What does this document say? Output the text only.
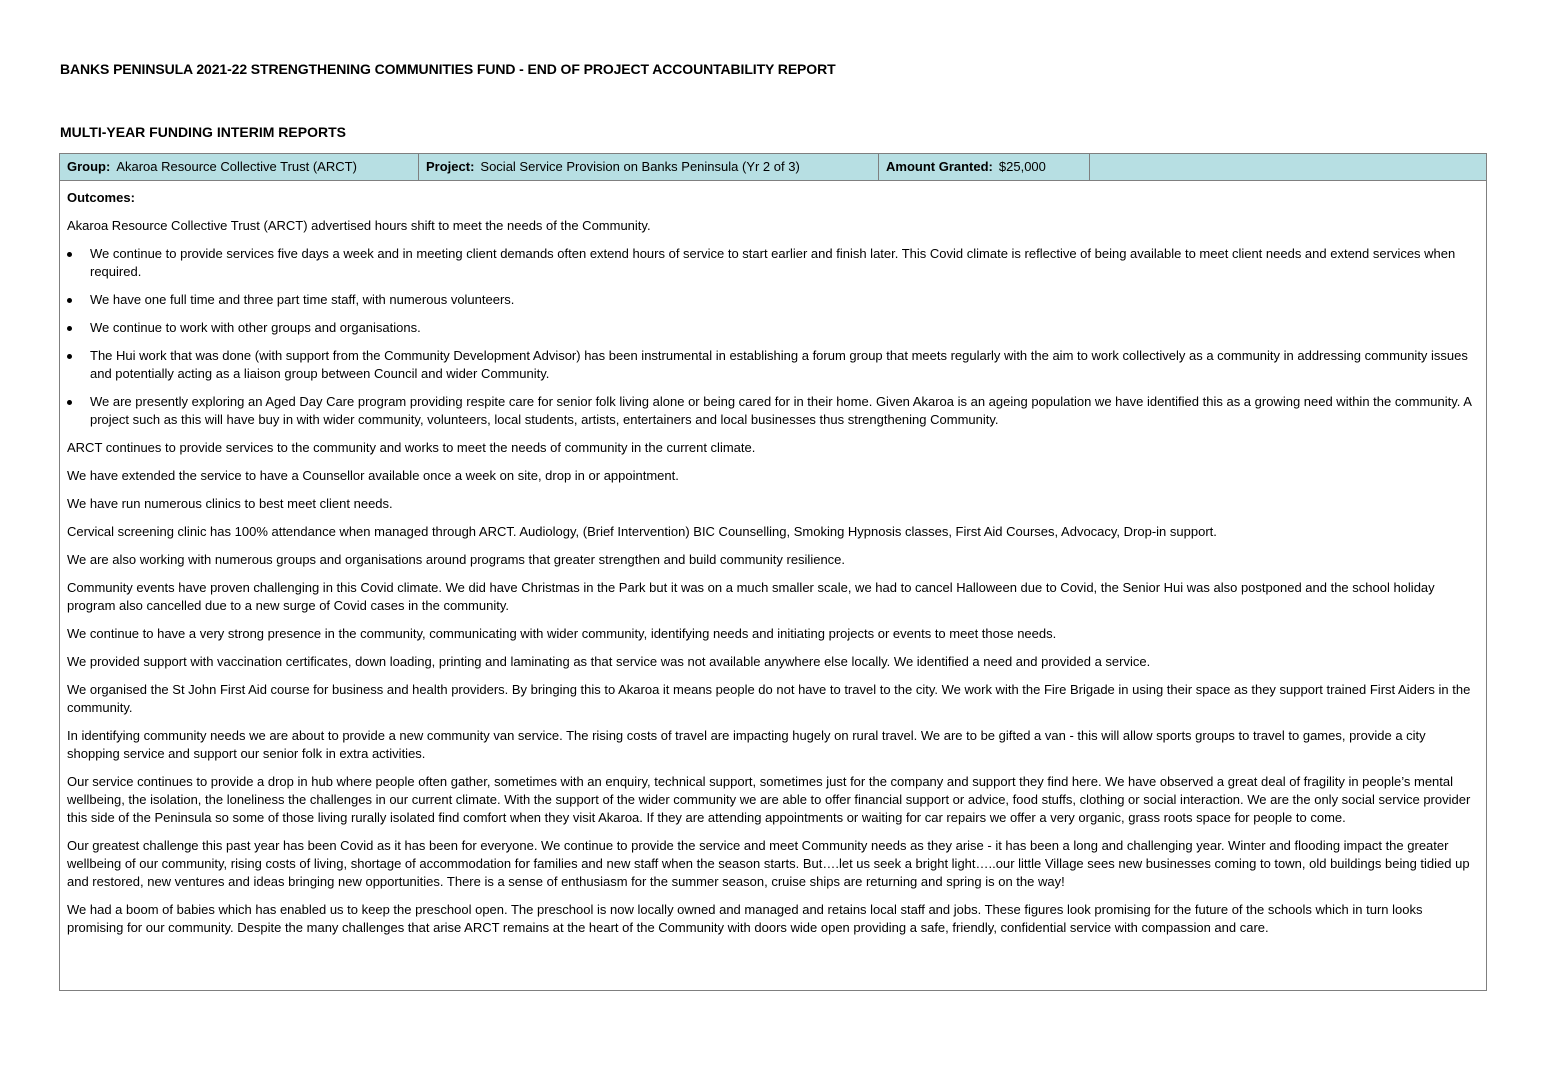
BANKS PENINSULA 2021-22 STRENGTHENING COMMUNITIES FUND - END OF PROJECT ACCOUNTABILITY REPORT
MULTI-YEAR FUNDING INTERIM REPORTS
Group: Akaroa Resource Collective Trust (ARCT)	Project: Social Service Provision on Banks Peninsula (Yr 2 of 3)	Amount Granted: $25,000

Outcomes:

Akaroa Resource Collective Trust (ARCT) advertised hours shift to meet the needs of the Community.

We continue to provide services five days a week and in meeting client demands often extend hours of service to start earlier and finish later. This Covid climate is reflective of being available to meet client needs and extend services when required.
We have one full time and three part time staff, with numerous volunteers.
We continue to work with other groups and organisations.
The Hui work that was done (with support from the Community Development Advisor) has been instrumental in establishing a forum group that meets regularly with the aim to work collectively as a community in addressing community issues and potentially acting as a liaison group between Council and wider Community.
We are presently exploring an Aged Day Care program providing respite care for senior folk living alone or being cared for in their home. Given Akaroa is an ageing population we have identified this as a growing need within the community. A project such as this will have buy in with wider community, volunteers, local students, artists, entertainers and local businesses thus strengthening Community.

ARCT continues to provide services to the community and works to meet the needs of community in the current climate.

We have extended the service to have a Counsellor available once a week on site, drop in or appointment.

We have run numerous clinics to best meet client needs.

Cervical screening clinic has 100% attendance when managed through ARCT. Audiology, (Brief Intervention) BIC Counselling, Smoking Hypnosis classes, First Aid Courses, Advocacy, Drop-in support.

We are also working with numerous groups and organisations around programs that greater strengthen and build community resilience.

Community events have proven challenging in this Covid climate. We did have Christmas in the Park but it was on a much smaller scale, we had to cancel Halloween due to Covid, the Senior Hui was also postponed and the school holiday program also cancelled due to a new surge of Covid cases in the community.

We continue to have a very strong presence in the community, communicating with wider community, identifying needs and initiating projects or events to meet those needs.

We provided support with vaccination certificates, down loading, printing and laminating as that service was not available anywhere else locally. We identified a need and provided a service.

We organised the St John First Aid course for business and health providers. By bringing this to Akaroa it means people do not have to travel to the city. We work with the Fire Brigade in using their space as they support trained First Aiders in the community.

In identifying community needs we are about to provide a new community van service. The rising costs of travel are impacting hugely on rural travel. We are to be gifted a van - this will allow sports groups to travel to games, provide a city shopping service and support our senior folk in extra activities.

Our service continues to provide a drop in hub where people often gather, sometimes with an enquiry, technical support, sometimes just for the company and support they find here. We have observed a great deal of fragility in people’s mental wellbeing, the isolation, the loneliness the challenges in our current climate. With the support of the wider community we are able to offer financial support or advice, food stuffs, clothing or social interaction. We are the only social service provider this side of the Peninsula so some of those living rurally isolated find comfort when they visit Akaroa. If they are attending appointments or waiting for car repairs we offer a very organic, grass roots space for people to come.

Our greatest challenge this past year has been Covid as it has been for everyone. We continue to provide the service and meet Community needs as they arise - it has been a long and challenging year. Winter and flooding impact the greater wellbeing of our community, rising costs of living, shortage of accommodation for families and new staff when the season starts. But….let us seek a bright light…..our little Village sees new businesses coming to town, old buildings being tidied up and restored, new ventures and ideas bringing new opportunities. There is a sense of enthusiasm for the summer season, cruise ships are returning and spring is on the way!

We had a boom of babies which has enabled us to keep the preschool open. The preschool is now locally owned and managed and retains local staff and jobs. These figures look promising for the future of the schools which in turn looks promising for our community. Despite the many challenges that arise ARCT remains at the heart of the Community with doors wide open providing a safe, friendly, confidential service with compassion and care.
